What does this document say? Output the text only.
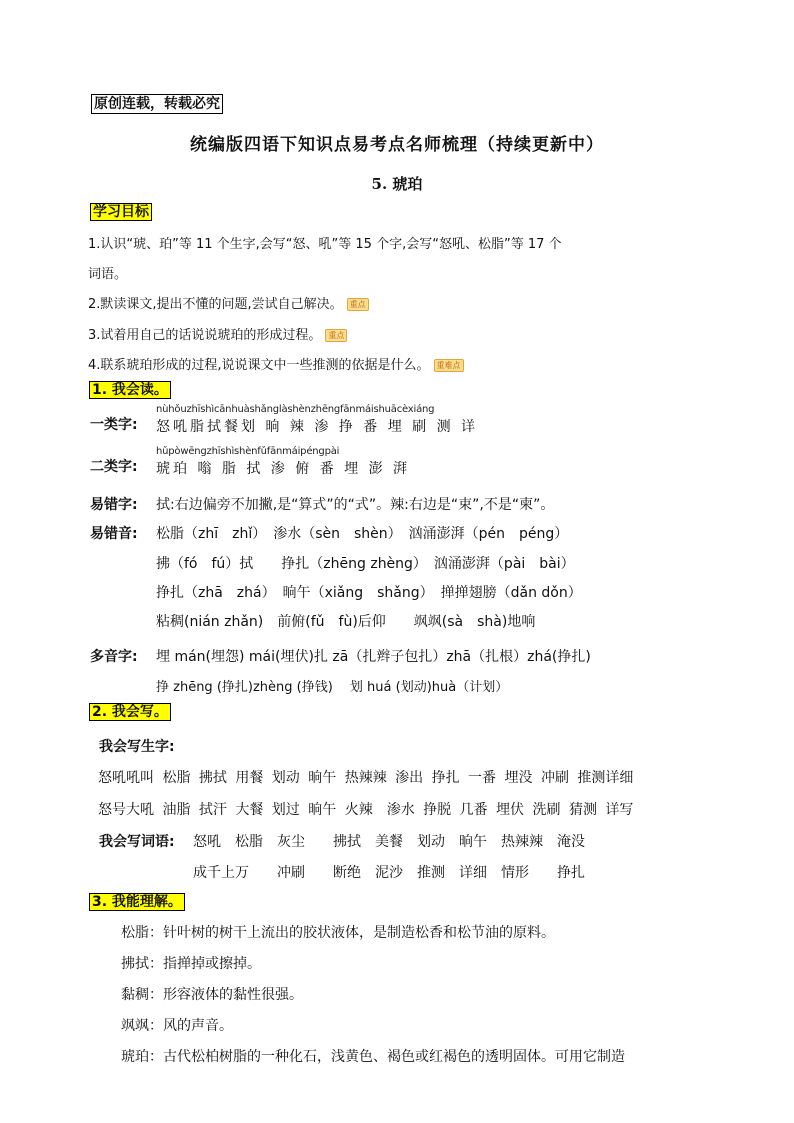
原创连载，转载必究
统编版四语下知识点易考点名师梳理（持续更新中）
5. 琥珀
学习目标
1.认识“琥、珀”等 11 个生字,会写“怒、吼”等 15 个字,会写“怒吼、松脂”等 17 个
词语。
2.默读课文,提出不懂的问题,尝试自己解决。 重点
3.试着用自己的话说说琥珀的形成过程。 重点
4.联系琥珀形成的过程,说说课文中一些推测的依据是什么。 重难点
1. 我会读。
nùhǒuzhīshìcānhuàshǎnglàshènzhēngfānmáishuācèxiáng
一类字: 怒吼脂拭餐划 晌 辣 渗 挣 番 埋 刷 测 详
hǔpòwēngzhīshìshènfǔfānmáipéngpài
二类字: 琥珀 嗡 脂 拭 渗 俯 番 埋 澎 湃
易错字: 拭:右边偏旁不加撇,是“算式”的“式”。辣:右边是“束”,不是“柬”。
易错音: 松脂（zhī　zhǐ）　渗水（sèn　shèn）　汹涌澎湃（pén　péng）
拂（fó　fú）拭　　挣扎（zhēng zhèng）　汹涌澎湃（pài　bài）
挣扎（zhā　zhá）　晌午（xiǎng　shǎng）　掸掸翅膀（dǎn dǒn）
粘稠(nián zhǎn)　前俯(fǔ　fù)后仰　　飒飒(sà　shà)地响
多音字: 埋 mán(埋怨) mái(埋伏)扎 zā（扎辫子包扎）zhā（扎根）zhá(挣扎)
挣 zhēng (挣扎)zhèng (挣钱)　 划 huá (划动)huà（计划）
2. 我会写。
我会写生字:
怒吼吼叫 松脂 拂拭 用餐 划动 晌午 热辣辣 渗出 挣扎 一番 埋没 冲刷 推测详细
怒号大吼 油脂 拭汗 大餐 划过 晌午 火辣　渗水 挣脱 几番 埋伏 洗刷 猜测 详写
我会写词语: 怒吼　松脂　灰尘　　拂拭　美餐　划动　晌午　热辣辣　淹没
成千上万　　冲刷　　断绝　泥沙　推测　详细　情形　　挣扎
3. 我能理解。
松脂：针叶树的树干上流出的胶状液体，是制造松香和松节油的原料。
拂拭：指掸掉或擦掉。
黏稠：形容液体的黏性很强。
飒飒：风的声音。
琥珀：古代松柏树脂的一种化石，浅黄色、褐色或红褐色的透明固体。可用它制造
